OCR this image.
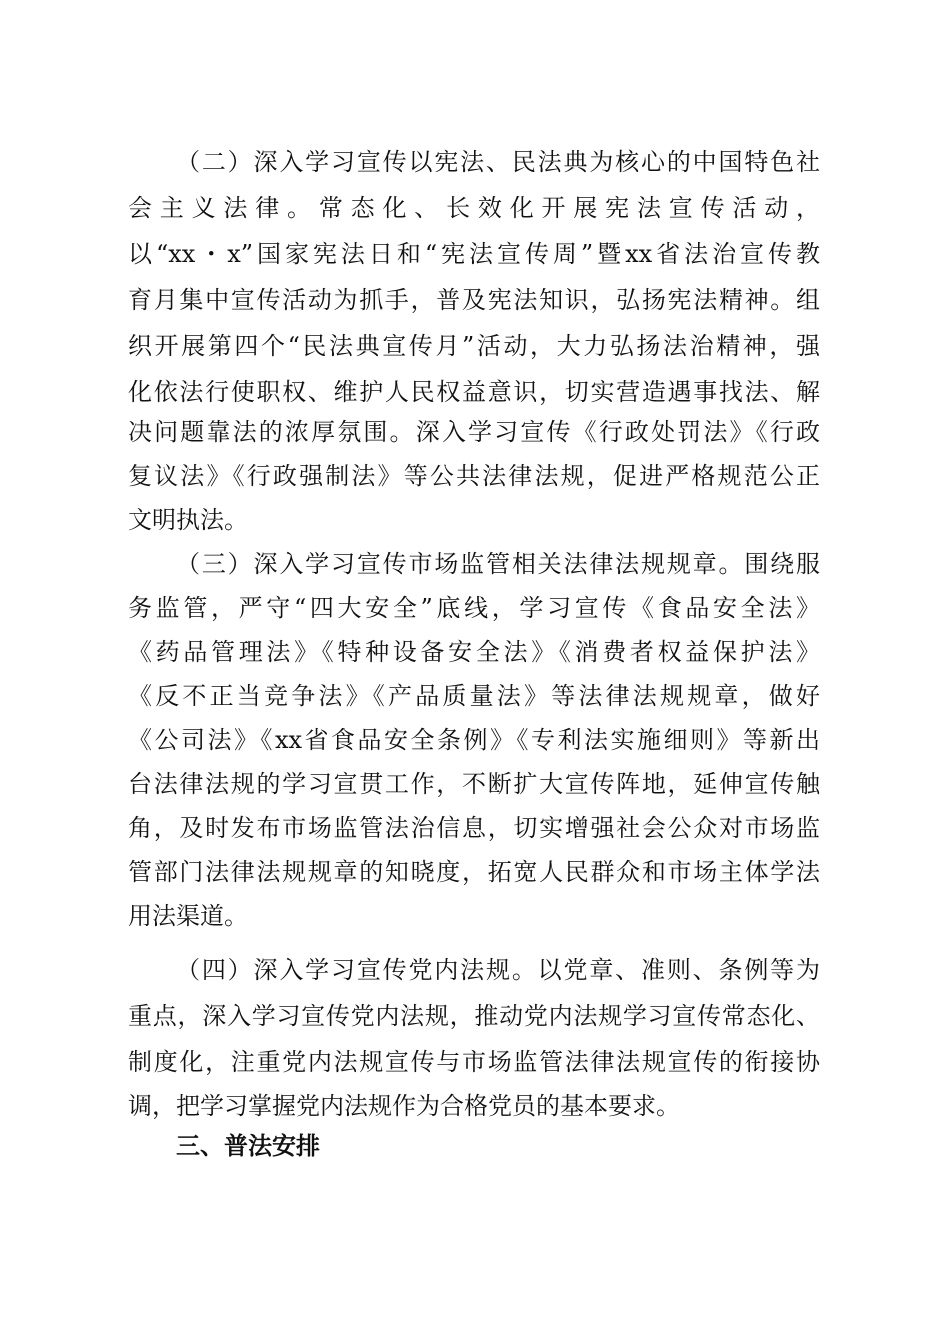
（二）深入学习宣传以宪法、民法典为核心的中国特色社
会主义法律。常态化、长效化开展宪法宣传活动，
以“xx・x”国家宪法日和“宪法宣传周”暨xx省法治宣传教
育月集中宣传活动为抓手，普及宪法知识，弘扬宪法精神。组
织开展第四个“民法典宣传月”活动，大力弘扬法治精神，强
化依法行使职权、维护人民权益意识，切实营造遇事找法、解
决问题靠法的浓厚氛围。深入学习宣传《行政处罚法》《行政
复议法》《行政强制法》等公共法律法规，促进严格规范公正
文明执法。
（三）深入学习宣传市场监管相关法律法规规章。围绕服
务监管，严守“四大安全”底线，学习宣传《食品安全法》
《药品管理法》《特种设备安全法》《消费者权益保护法》
《反不正当竞争法》《产品质量法》等法律法规规章，做好
《公司法》《xx省食品安全条例》《专利法实施细则》等新出
台法律法规的学习宣贯工作，不断扩大宣传阵地，延伸宣传触
角，及时发布市场监管法治信息，切实增强社会公众对市场监
管部门法律法规规章的知晓度，拓宽人民群众和市场主体学法
用法渠道。
（四）深入学习宣传党内法规。以党章、准则、条例等为
重点，深入学习宣传党内法规，推动党内法规学习宣传常态化、
制度化，注重党内法规宣传与市场监管法律法规宣传的衔接协
调，把学习掌握党内法规作为合格党员的基本要求。
三、普法安排
